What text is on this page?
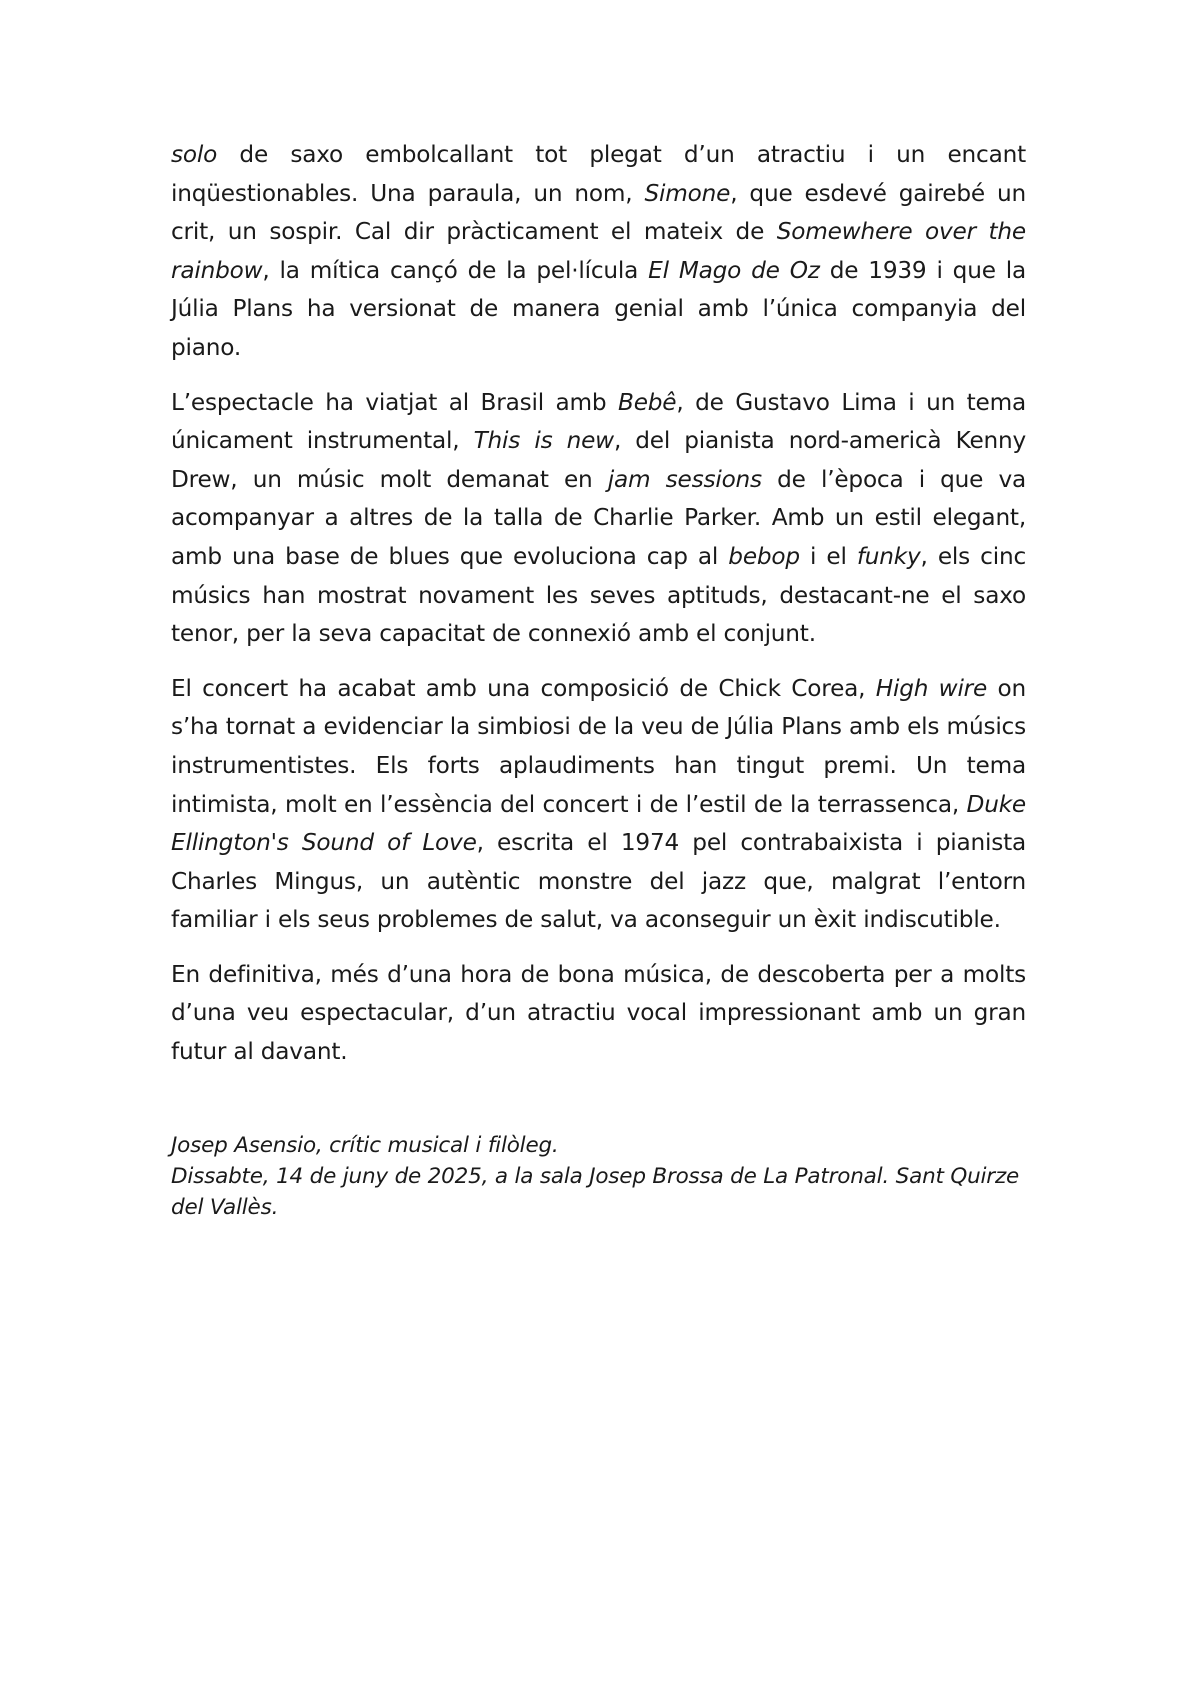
solo de saxo embolcallant tot plegat d’un atractiu i un encant inqüestionables. Una paraula, un nom, Simone, que esdevé gairebé un crit, un sospir. Cal dir pràcticament el mateix de Somewhere over the rainbow, la mítica cançó de la pel·lícula El Mago de Oz de 1939 i que la Júlia Plans ha versionat de manera genial amb l’única companyia del piano.

L’espectacle ha viatjat al Brasil amb Bebê, de Gustavo Lima i un tema únicament instrumental, This is new, del pianista nord-americà Kenny Drew, un músic molt demanat en jam sessions de l’època i que va acompanyar a altres de la talla de Charlie Parker. Amb un estil elegant, amb una base de blues que evoluciona cap al bebop i el funky, els cinc músics han mostrat novament les seves aptituds, destacant-ne el saxo tenor, per la seva capacitat de connexió amb el conjunt.

El concert ha acabat amb una composició de Chick Corea, High wire on s’ha tornat a evidenciar la simbiosi de la veu de Júlia Plans amb els músics instrumentistes. Els forts aplaudiments han tingut premi. Un tema intimista, molt en l’essència del concert i de l’estil de la terrassenca, Duke Ellington's Sound of Love, escrita el 1974 pel contrabaixista i pianista Charles Mingus, un autèntic monstre del jazz que, malgrat l’entorn familiar i els seus problemes de salut, va aconseguir un èxit indiscutible.

En definitiva, més d’una hora de bona música, de descoberta per a molts d’una veu espectacular, d’un atractiu vocal impressionant amb un gran futur al davant.

Josep Asensio, crític musical i filòleg.
Dissabte, 14 de juny de 2025, a la sala Josep Brossa de La Patronal. Sant Quirze del Vallès.
